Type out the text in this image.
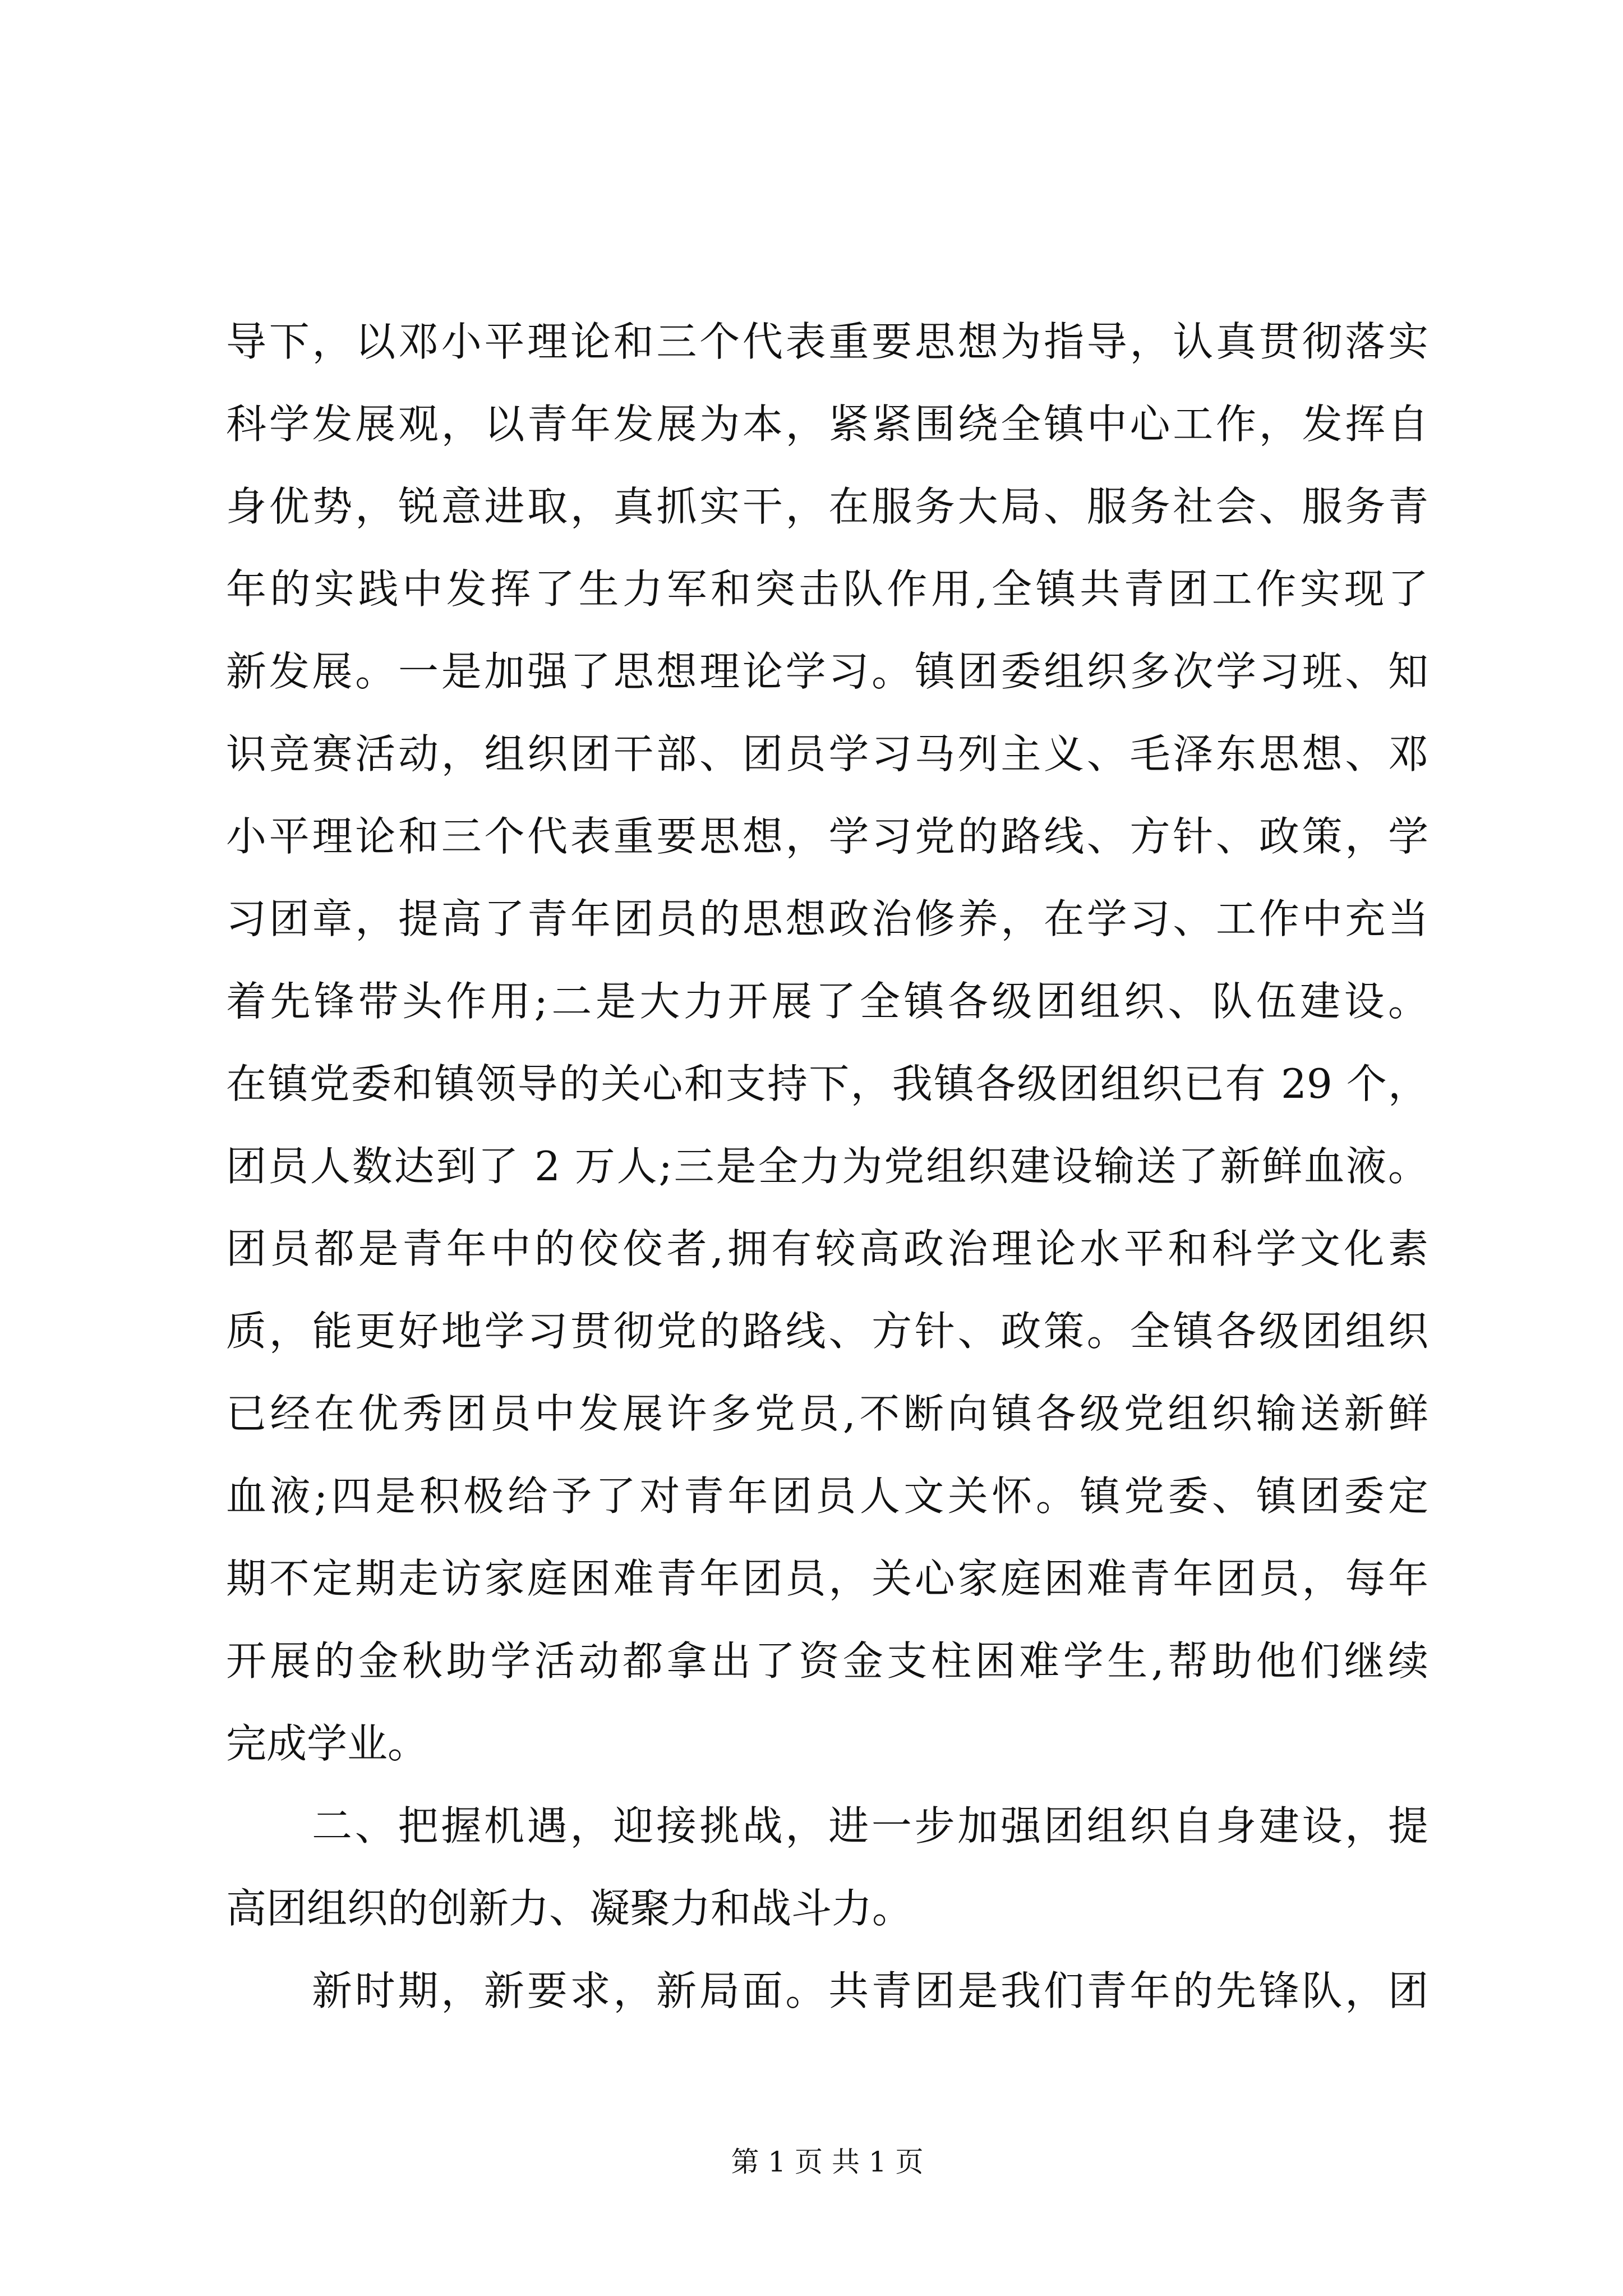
导下，以邓小平理论和三个代表重要思想为指导，认真贯彻落实
科学发展观，以青年发展为本，紧紧围绕全镇中心工作，发挥自
身优势，锐意进取，真抓实干，在服务大局、服务社会、服务青
年的实践中发挥了生力军和突击队作用,全镇共青团工作实现了
新发展。一是加强了思想理论学习。镇团委组织多次学习班、知
识竞赛活动，组织团干部、团员学习马列主义、毛泽东思想、邓
小平理论和三个代表重要思想，学习党的路线、方针、政策，学
习团章，提高了青年团员的思想政治修养，在学习、工作中充当
着先锋带头作用;二是大力开展了全镇各级团组织、队伍建设。
在镇党委和镇领导的关心和支持下，我镇各级团组织已有 29 个，
团员人数达到了 2 万人;三是全力为党组织建设输送了新鲜血液。
团员都是青年中的佼佼者,拥有较高政治理论水平和科学文化素
质，能更好地学习贯彻党的路线、方针、政策。全镇各级团组织
已经在优秀团员中发展许多党员,不断向镇各级党组织输送新鲜
血液;四是积极给予了对青年团员人文关怀。镇党委、镇团委定
期不定期走访家庭困难青年团员，关心家庭困难青年团员，每年
开展的金秋助学活动都拿出了资金支柱困难学生,帮助他们继续
完成学业。
二、把握机遇，迎接挑战，进一步加强团组织自身建设，提
高团组织的创新力、凝聚力和战斗力。
新时期，新要求，新局面。共青团是我们青年的先锋队，团
第 1 页 共 1 页
